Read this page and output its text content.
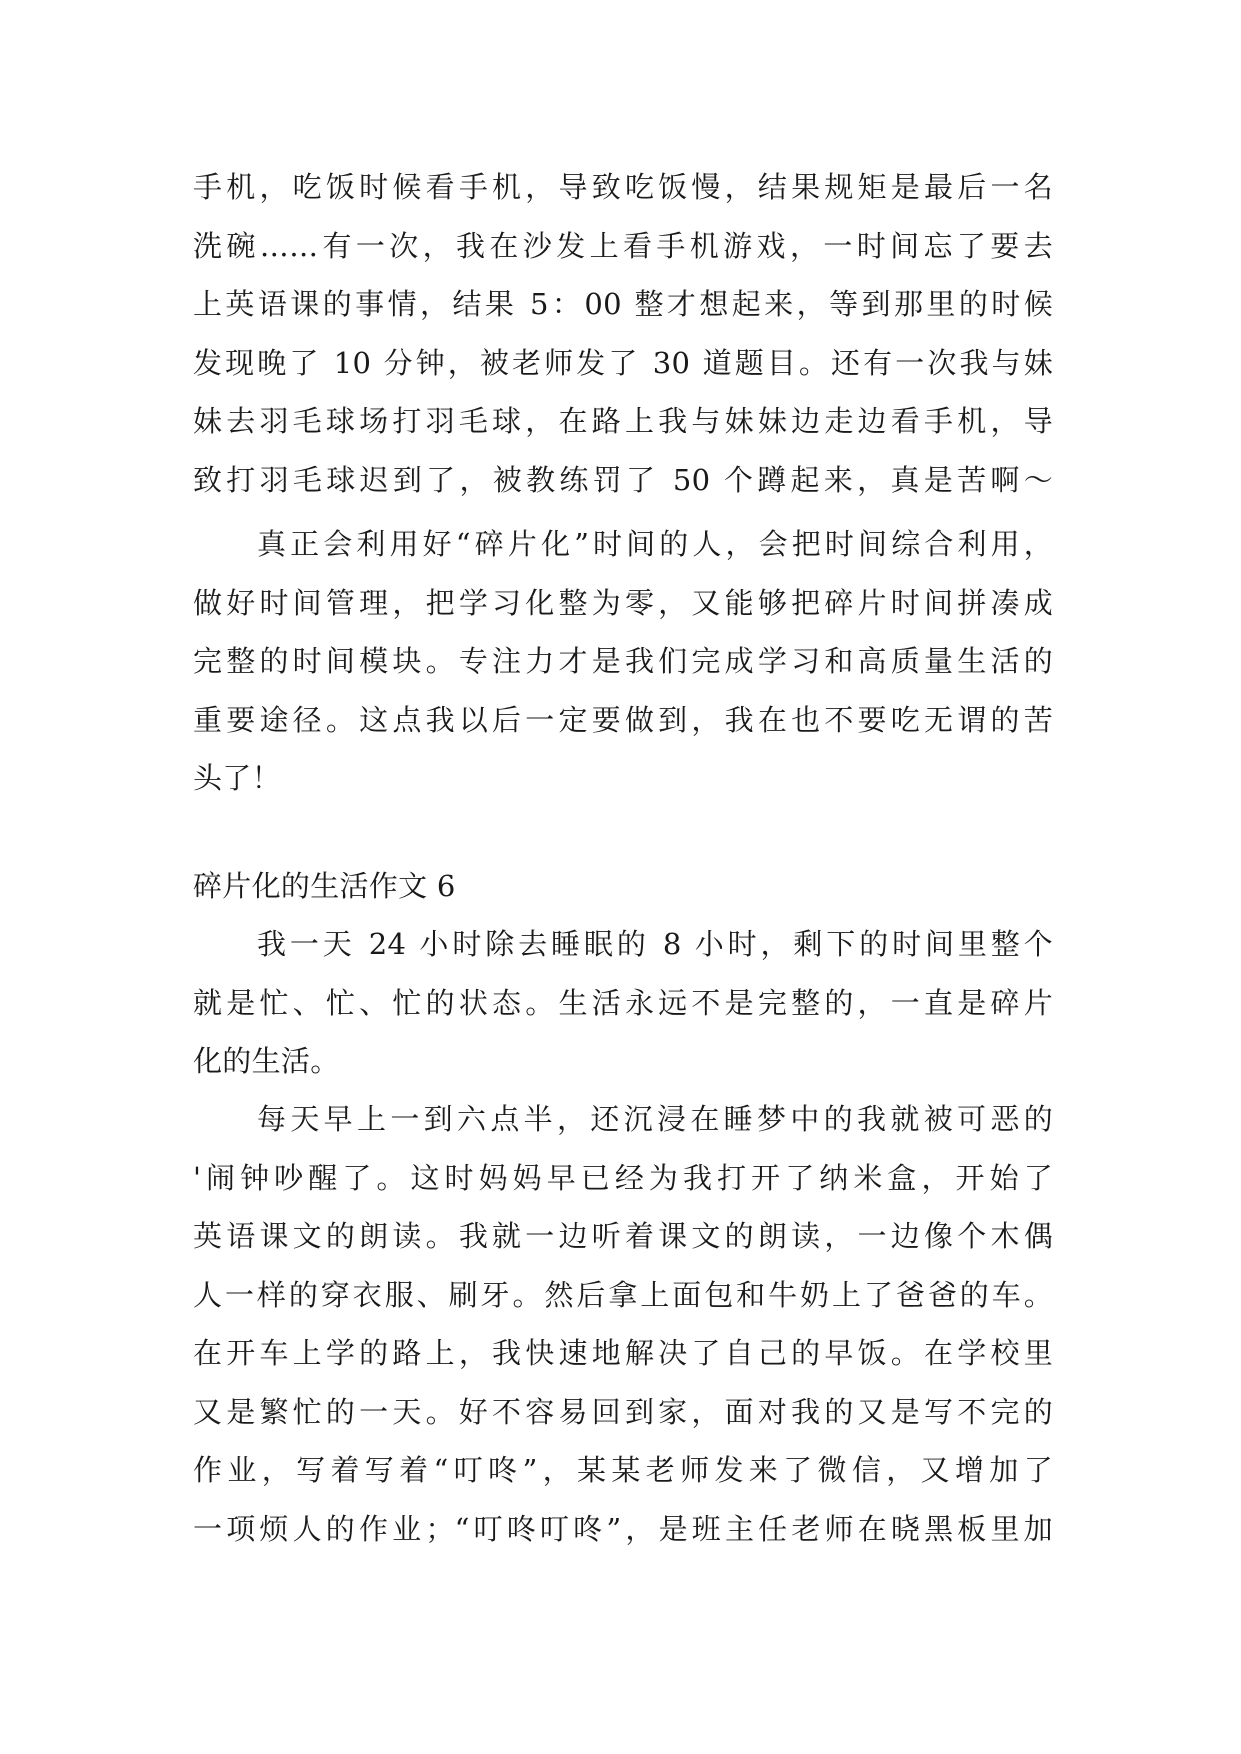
手机，吃饭时候看手机，导致吃饭慢，结果规矩是最后一名
洗碗……有一次，我在沙发上看手机游戏，一时间忘了要去
上英语课的事情，结果 5：00 整才想起来，等到那里的时候
发现晚了 10 分钟，被老师发了 30 道题目。还有一次我与妹
妹去羽毛球场打羽毛球，在路上我与妹妹边走边看手机，导
致打羽毛球迟到了，被教练罚了 50 个蹲起来，真是苦啊～
真正会利用好“碎片化”时间的人，会把时间综合利用，
做好时间管理，把学习化整为零，又能够把碎片时间拼凑成
完整的时间模块。专注力才是我们完成学习和高质量生活的
重要途径。这点我以后一定要做到，我在也不要吃无谓的苦
头了！
碎片化的生活作文 6
我一天 24 小时除去睡眠的 8 小时，剩下的时间里整个
就是忙、忙、忙的状态。生活永远不是完整的，一直是碎片
化的生活。
每天早上一到六点半，还沉浸在睡梦中的我就被可恶的
'闹钟吵醒了。这时妈妈早已经为我打开了纳米盒，开始了
英语课文的朗读。我就一边听着课文的朗读，一边像个木偶
人一样的穿衣服、刷牙。然后拿上面包和牛奶上了爸爸的车。
在开车上学的路上，我快速地解决了自己的早饭。在学校里
又是繁忙的一天。好不容易回到家，面对我的又是写不完的
作业，写着写着“叮咚”，某某老师发来了微信，又增加了
一项烦人的作业；“叮咚叮咚”，是班主任老师在晓黑板里加
